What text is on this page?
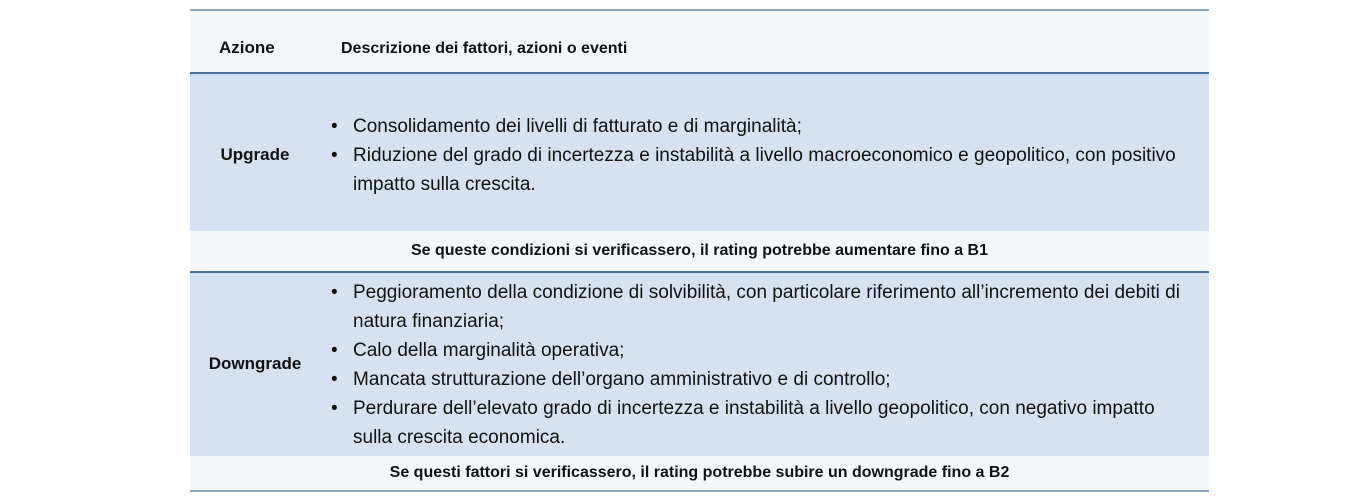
Azione	Descrizione dei fattori, azioni o eventi
Upgrade
• Consolidamento dei livelli di fatturato e di marginalità;
• Riduzione del grado di incertezza e instabilità a livello macroeconomico e geopolitico, con positivo impatto sulla crescita.
Se queste condizioni si verificassero, il rating potrebbe aumentare fino a B1
Downgrade
• Peggioramento della condizione di solvibilità, con particolare riferimento all’incremento dei debiti di natura finanziaria;
• Calo della marginalità operativa;
• Mancata strutturazione dell’organo amministrativo e di controllo;
• Perdurare dell’elevato grado di incertezza e instabilità a livello geopolitico, con negativo impatto sulla crescita economica.
Se questi fattori si verificassero, il rating potrebbe subire un downgrade fino a B2
